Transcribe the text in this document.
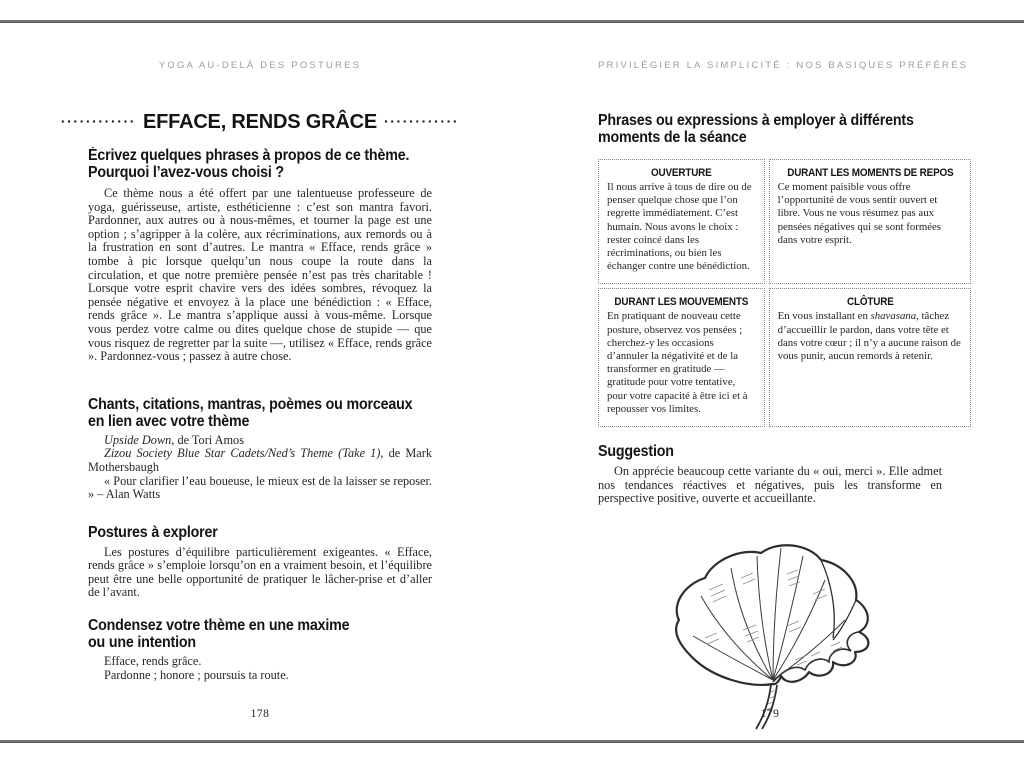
YOGA AU-DELÀ DES POSTURES
············ EFFACE, RENDS GRÂCE ············
Écrivez quelques phrases à propos de ce thème.
Pourquoi l’avez-vous choisi ?

Ce thème nous a été offert par une talentueuse professeure de yoga, guérisseuse, artiste, esthéticienne : c’est son mantra favori. Pardonner, aux autres ou à nous-mêmes, et tourner la page est une option ; s’agripper à la colère, aux récriminations, aux remords ou à la frustration en sont d’autres. Le mantra « Efface, rends grâce » tombe à pic lorsque quelqu’un nous coupe la route dans la circulation, et que notre première pensée n’est pas très charitable ! Lorsque votre esprit chavire vers des idées sombres, révoquez la pensée négative et envoyez à la place une bénédiction : « Efface, rends grâce ». Le mantra s’applique aussi à vous-même. Lorsque vous perdez votre calme ou dites quelque chose de stupide — que vous risquez de regretter par la suite —, utilisez « Efface, rends grâce ». Pardonnez-vous ; passez à autre chose.

Chants, citations, mantras, poèmes ou morceaux
en lien avec votre thème

Upside Down, de Tori Amos

Zizou Society Blue Star Cadets/Ned’s Theme (Take 1), de Mark Mothersbaugh

« Pour clarifier l’eau boueuse, le mieux est de la laisser se reposer. » – Alan Watts

Postures à explorer

Les postures d’équilibre particulièrement exigeantes. « Efface, rends grâce » s’emploie lorsqu’on en a vraiment besoin, et l’équilibre peut être une belle opportunité de pratiquer le lâcher-prise et d’aller de l’avant.

Condensez votre thème en une maxime
ou une intention

Efface, rends grâce.

Pardonne ; honore ; poursuis ta route.

178
PRIVILÉGIER LA SIMPLICITÉ : NOS BASIQUES PRÉFÉRÉS
Phrases ou expressions à employer à différents
moments de la séance
OUVERTURE
Il nous arrive à tous de dire ou de penser quelque chose que l’on regrette immédiatement. C’est humain. Nous avons le choix : rester coincé dans les récriminations, ou bien les échanger contre une bénédiction.
DURANT LES MOMENTS DE REPOS
Ce moment paisible vous offre l’opportunité de vous sentir ouvert et libre. Vous ne vous résumez pas aux pensées négatives qui se sont formées dans votre esprit.
DURANT LES MOUVEMENTS
En pratiquant de nouveau cette posture, observez vos pensées ; cherchez-y les occasions d’annuler la négativité et de la transformer en gratitude — gratitude pour votre tentative, pour votre capacité à être ici et à repousser vos limites.
CLÔTURE
En vous installant en shavasana, tâchez d’accueillir le pardon, dans votre tête et dans votre cœur ; il n’y a aucune raison de vous punir, aucun remords à retenir.
Suggestion

On apprécie beaucoup cette variante du « oui, merci ». Elle admet nos tendances réactives et négatives, puis les transforme en perspective positive, ouverte et accueillante.

179
